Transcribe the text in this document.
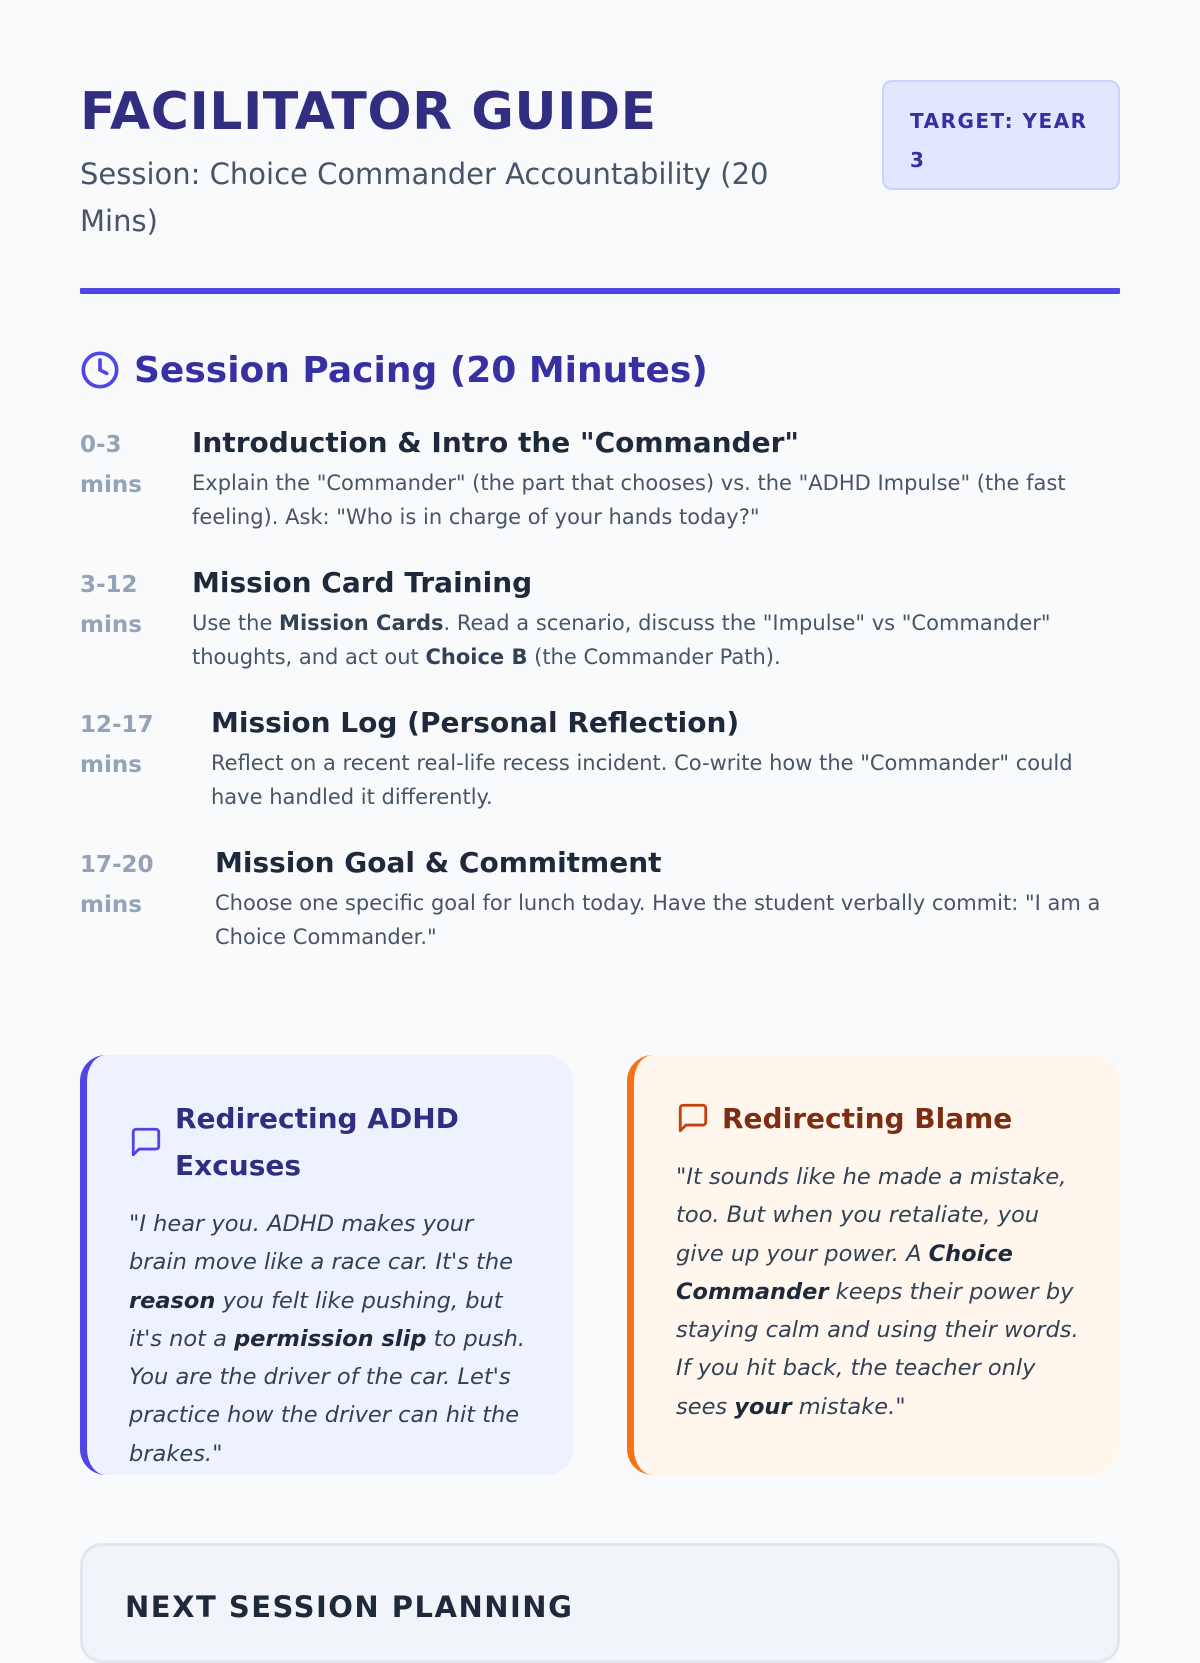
FACILITATOR GUIDE
Session: Choice Commander Accountability (20 Mins)
TARGET: YEAR 3
Session Pacing (20 Minutes)
0-3
mins
Introduction & Intro the "Commander"
Explain the "Commander" (the part that chooses) vs. the "ADHD Impulse" (the fast feeling). Ask: "Who is in charge of your hands today?"
3-12
mins
Mission Card Training
Use the Mission Cards. Read a scenario, discuss the "Impulse" vs "Commander" thoughts, and act out Choice B (the Commander Path).
12-17
mins
Mission Log (Personal Reflection)
Reflect on a recent real-life recess incident. Co-write how the "Commander" could have handled it differently.
17-20
mins
Mission Goal & Commitment
Choose one specific goal for lunch today. Have the student verbally commit: "I am a Choice Commander."
Redirecting ADHD Excuses
"I hear you. ADHD makes your brain move like a race car. It's the reason you felt like pushing, but it's not a permission slip to push. You are the driver of the car. Let's practice how the driver can hit the brakes."
Redirecting Blame
"It sounds like he made a mistake, too. But when you retaliate, you give up your power. A Choice Commander keeps their power by staying calm and using their words. If you hit back, the teacher only sees your mistake."
NEXT SESSION PLANNING
